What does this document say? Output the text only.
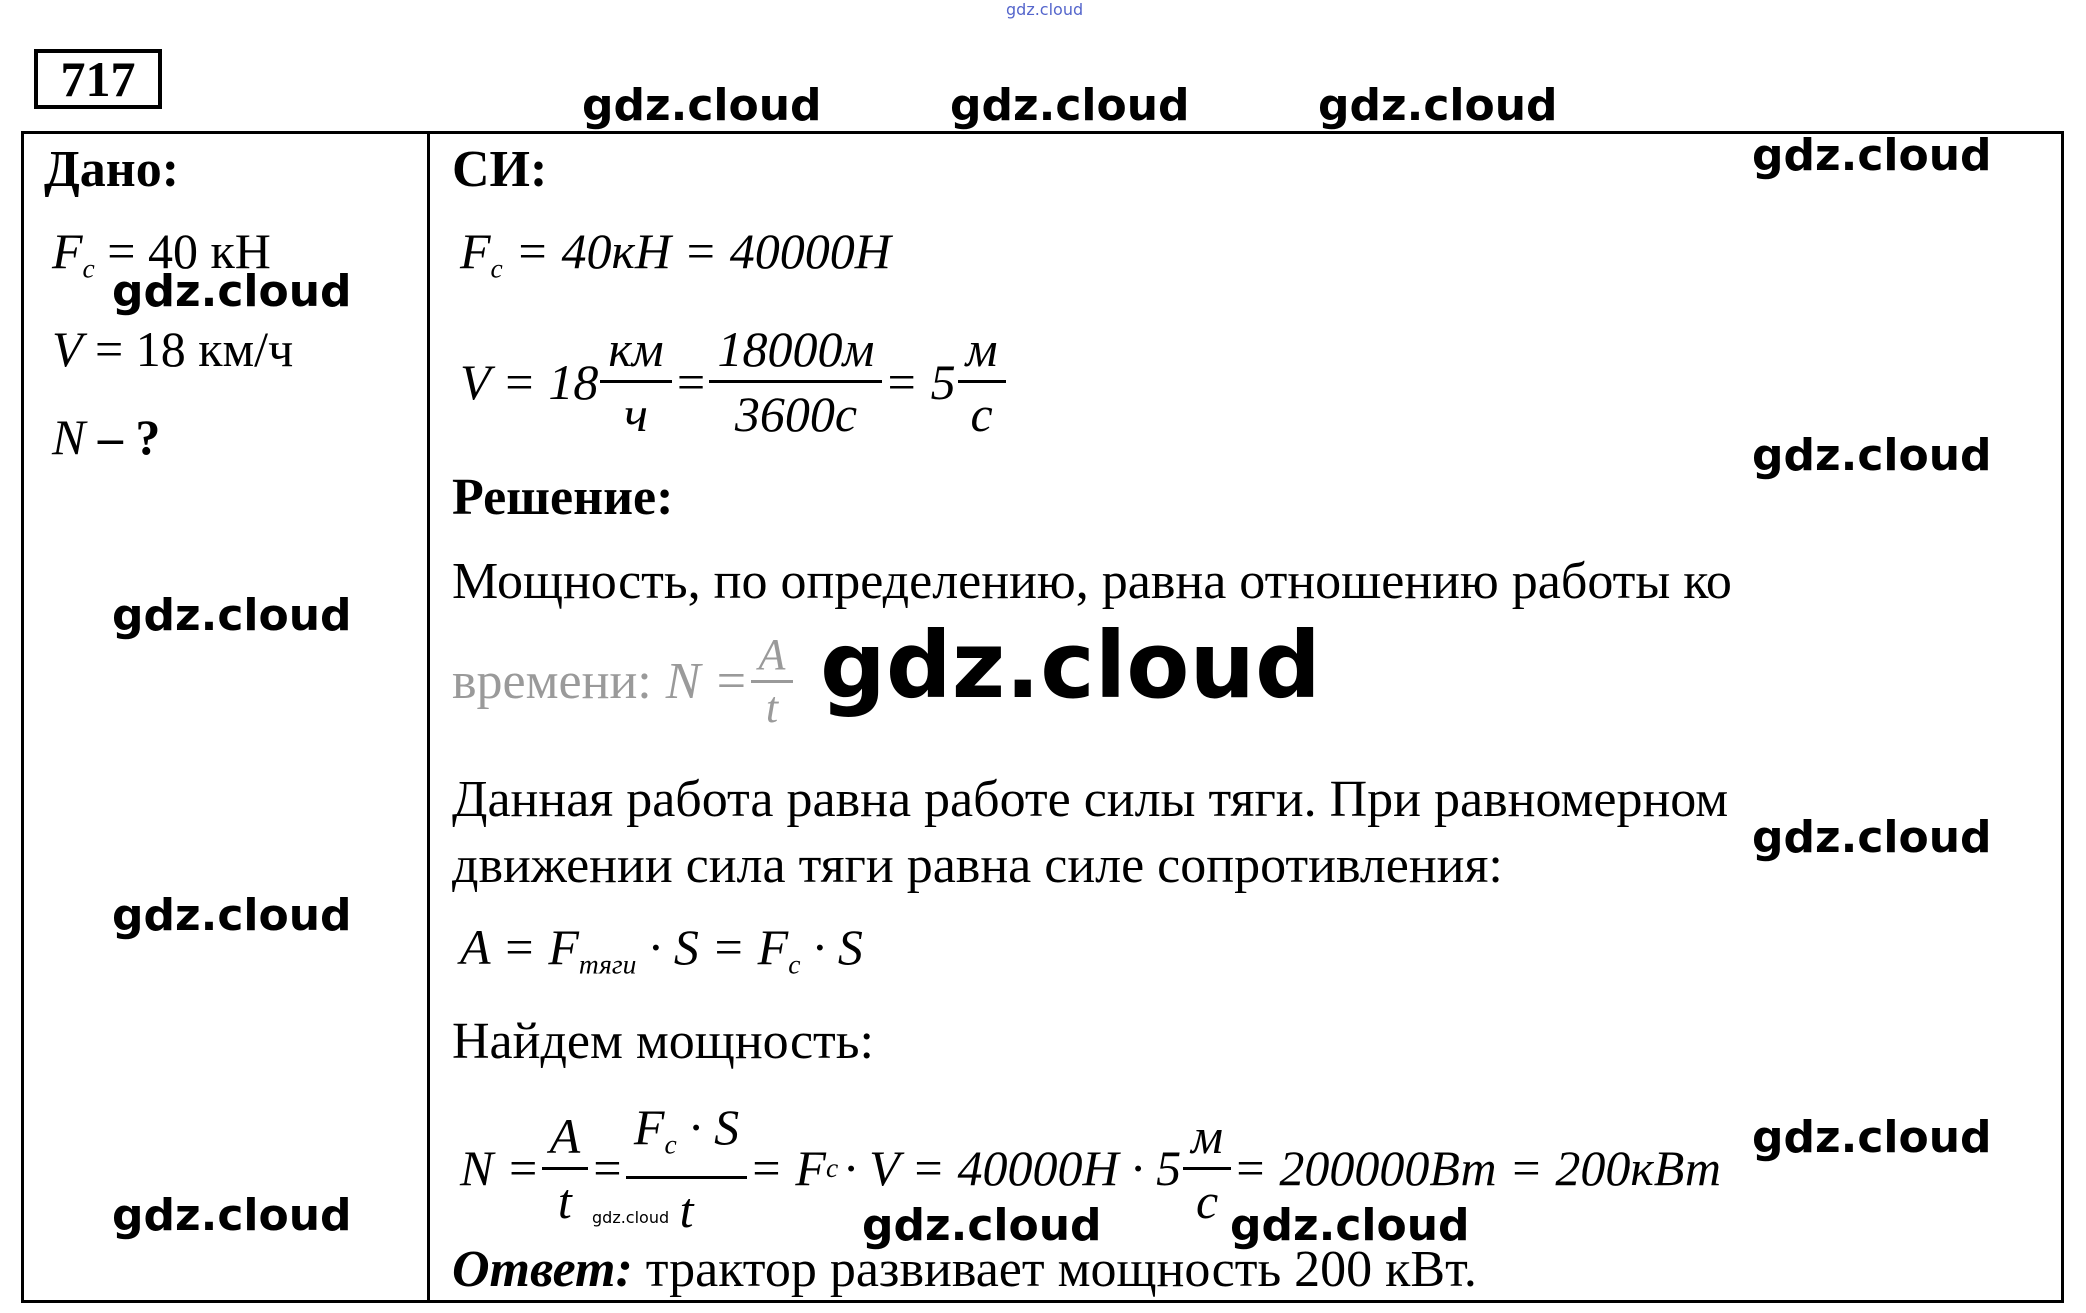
717
Дано:
$F_c = 40$ кН
V = 18 км/ч
N – ?
СИ:
$F_c = 40кН = 40000Н$
$V = 18 \frac{км}{ч} = \frac{18000м}{3600с} = 5 \frac{м}{с}$
Решение:
Мощность, по определению, равна отношению работы ко
времени: $N = \frac{A}{t}$
Данная работа равна работе силы тяги. При равномерном
движении сила тяги равна силе сопротивления:
$A = F_{тяги} \cdot S = F_c \cdot S$
Найдем мощность:
$N = \frac{A}{t} = \frac{F_c \cdot S}{t} = F$ $c \cdot V = 40000Н \cdot 5 \frac{м}{с} = 200000Вт = 200кВт$
Ответ: трактор развивает мощность 200 кВт.
gdz.cloud
gdz.cloud	gdz.cloud	gdz.cloud
gdz.cloud
gdz.cloud
gdz.cloud
gdz.cloud
gdz.cloud
gdz.cloud
gdz.cloud
gdz.cloud	gdz.cloud	gdz.cloud
gdz.cloud
gdz.cloud
